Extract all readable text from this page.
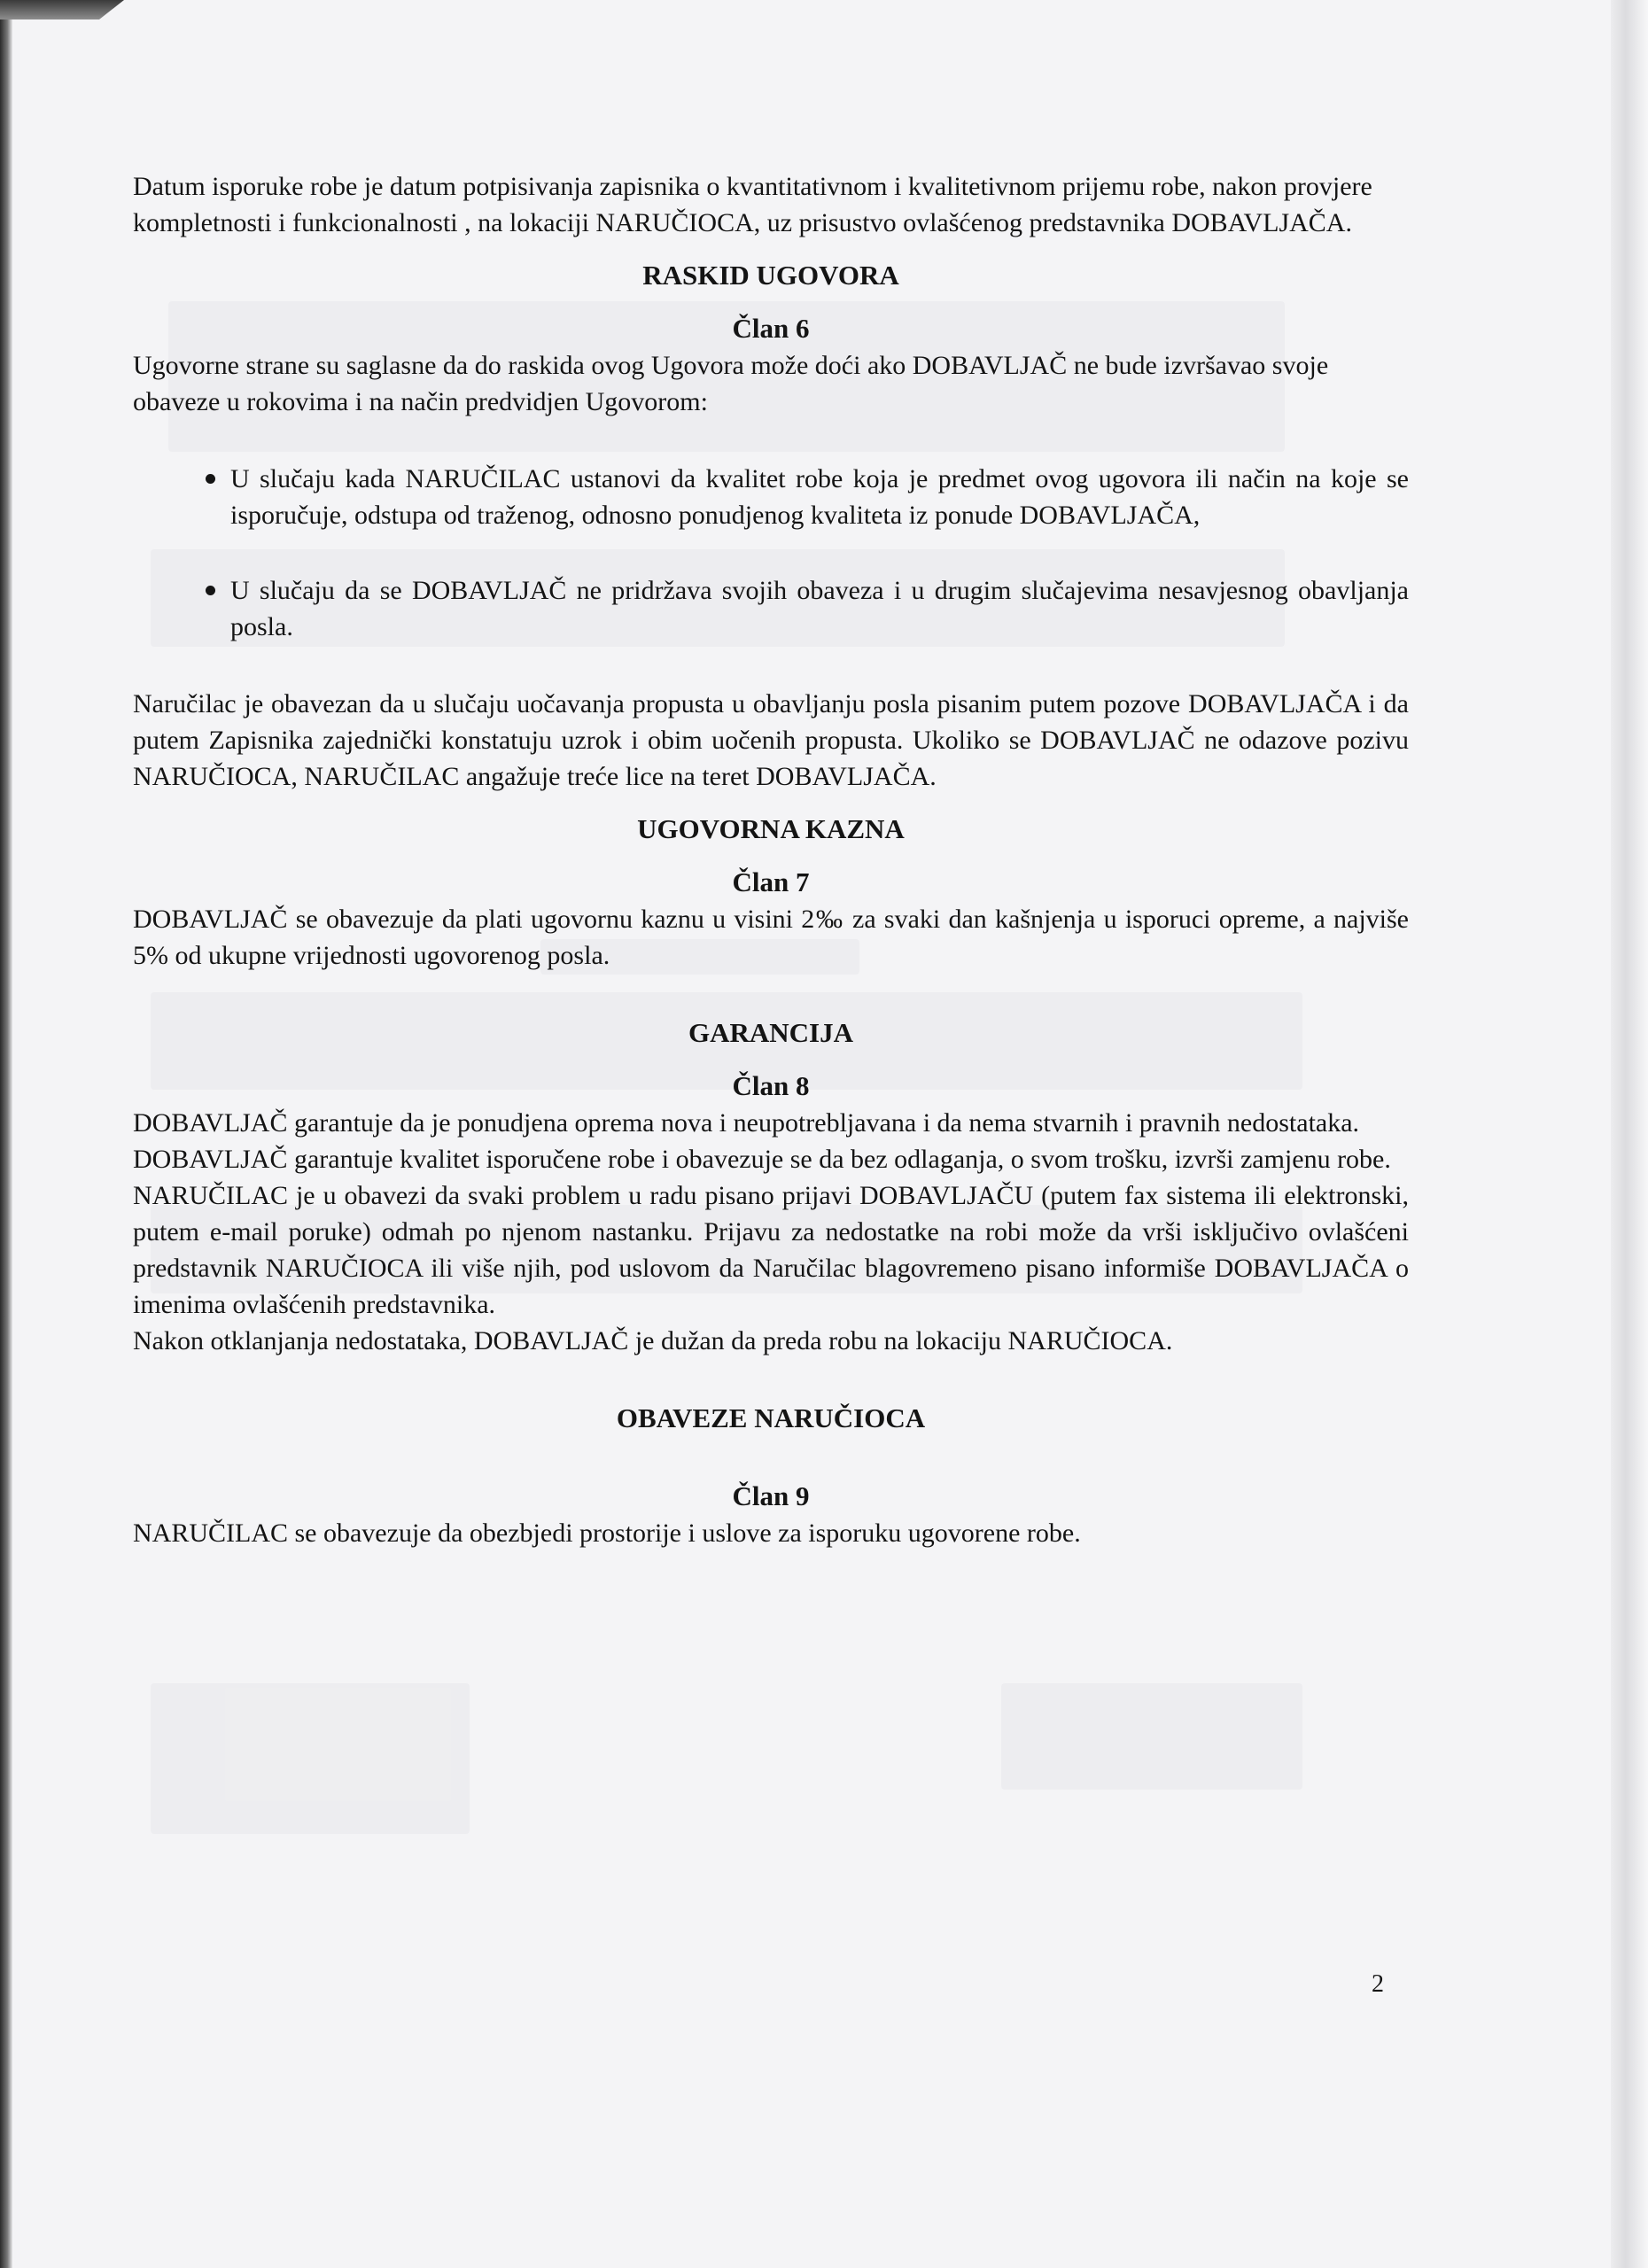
Datum isporuke robe je datum potpisivanja zapisnika o kvantitativnom i kvalitetivnom prijemu robe, nakon provjere kompletnosti i funkcionalnosti , na lokaciji NARUČIOCA, uz prisustvo ovlašćenog predstavnika DOBAVLJAČA.

RASKID UGOVORA

Član 6

Ugovorne strane su saglasne da do raskida ovog Ugovora može doći ako DOBAVLJAČ ne bude izvršavao svoje obaveze u rokovima i na način predvidjen Ugovorom:

U slučaju kada NARUČILAC ustanovi da kvalitet robe koja je predmet ovog ugovora ili način na koje se isporučuje, odstupa od traženog, odnosno ponudjenog kvaliteta iz ponude DOBAVLJAČA,
U slučaju da se DOBAVLJAČ ne pridržava svojih obaveza i u drugim slučajevima nesavjesnog obavljanja posla.

Naručilac je obavezan da u slučaju uočavanja propusta u obavljanju posla pisanim putem pozove DOBAVLJAČA i da putem Zapisnika zajednički konstatuju uzrok i obim uočenih propusta. Ukoliko se DOBAVLJAČ ne odazove pozivu NARUČIOCA, NARUČILAC angažuje treće lice na teret DOBAVLJAČA.

UGOVORNA KAZNA

Član 7

DOBAVLJAČ se obavezuje da plati ugovornu kaznu u visini 2‰ za svaki dan kašnjenja u isporuci opreme, a najviše 5% od ukupne vrijednosti ugovorenog posla.

GARANCIJA

Član 8

DOBAVLJAČ garantuje da je ponudjena oprema nova i neupotrebljavana i da nema stvarnih i pravnih nedostataka.

DOBAVLJAČ garantuje kvalitet isporučene robe i obavezuje se da bez odlaganja, o svom trošku, izvrši zamjenu robe.

NARUČILAC je u obavezi da svaki problem u radu pisano prijavi DOBAVLJAČU (putem fax sistema ili elektronski, putem e-mail poruke) odmah po njenom nastanku. Prijavu za nedostatke na robi može da vrši isključivo ovlašćeni predstavnik NARUČIOCA ili više njih, pod uslovom da Naručilac blagovremeno pisano informiše DOBAVLJAČA o imenima ovlašćenih predstavnika.

Nakon otklanjanja nedostataka, DOBAVLJAČ je dužan da preda robu na lokaciju NARUČIOCA.

OBAVEZE NARUČIOCA

Član 9

NARUČILAC se obavezuje da obezbjedi prostorije i uslove za isporuku ugovorene robe.

2
